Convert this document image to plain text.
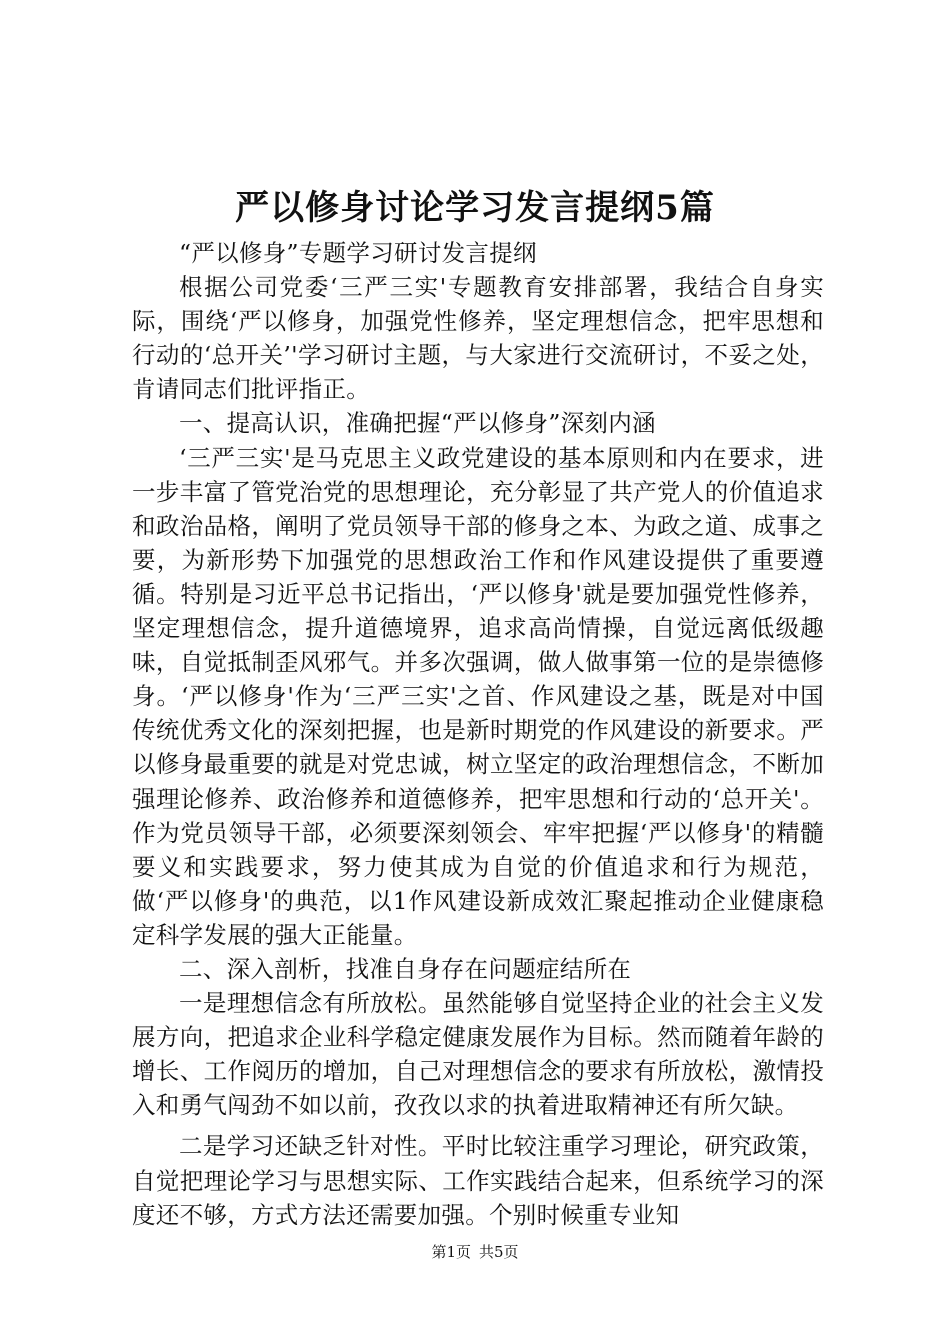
严以修身讨论学习发言提纲5篇

“严以修身”专题学习研讨发言提纲

根据公司党委‘三严三实'专题教育安排部署，我结合自身实际，围绕‘严以修身，加强党性修养，坚定理想信念，把牢思想和行动的‘总开关’'学习研讨主题，与大家进行交流研讨，不妥之处，肯请同志们批评指正。

一、提高认识，准确把握“严以修身”深刻内涵

‘三严三实'是马克思主义政党建设的基本原则和内在要求，进一步丰富了管党治党的思想理论，充分彰显了共产党人的价值追求和政治品格，阐明了党员领导干部的修身之本、为政之道、成事之要，为新形势下加强党的思想政治工作和作风建设提供了重要遵循。特别是习近平总书记指出，‘严以修身'就是要加强党性修养，坚定理想信念，提升道德境界，追求高尚情操，自觉远离低级趣味，自觉抵制歪风邪气。并多次强调，做人做事第一位的是崇德修身。‘严以修身'作为‘三严三实'之首、作风建设之基，既是对中国传统优秀文化的深刻把握，也是新时期党的作风建设的新要求。严以修身最重要的就是对党忠诚，树立坚定的政治理想信念，不断加强理论修养、政治修养和道德修养，把牢思想和行动的‘总开关'。作为党员领导干部，必须要深刻领会、牢牢把握‘严以修身'的精髓要义和实践要求，努力使其成为自觉的价值追求和行为规范，做‘严以修身'的典范，以1作风建设新成效汇聚起推动企业健康稳定科学发展的强大正能量。

二、深入剖析，找准自身存在问题症结所在

一是理想信念有所放松。虽然能够自觉坚持企业的社会主义发展方向，把追求企业科学稳定健康发展作为目标。然而随着年龄的增长、工作阅历的增加，自己对理想信念的要求有所放松，激情投入和勇气闯劲不如以前，孜孜以求的执着进取精神还有所欠缺。

二是学习还缺乏针对性。平时比较注重学习理论，研究政策，自觉把理论学习与思想实际、工作实践结合起来，但系统学习的深度还不够，方式方法还需要加强。个别时候重专业知

第1页 共5页
